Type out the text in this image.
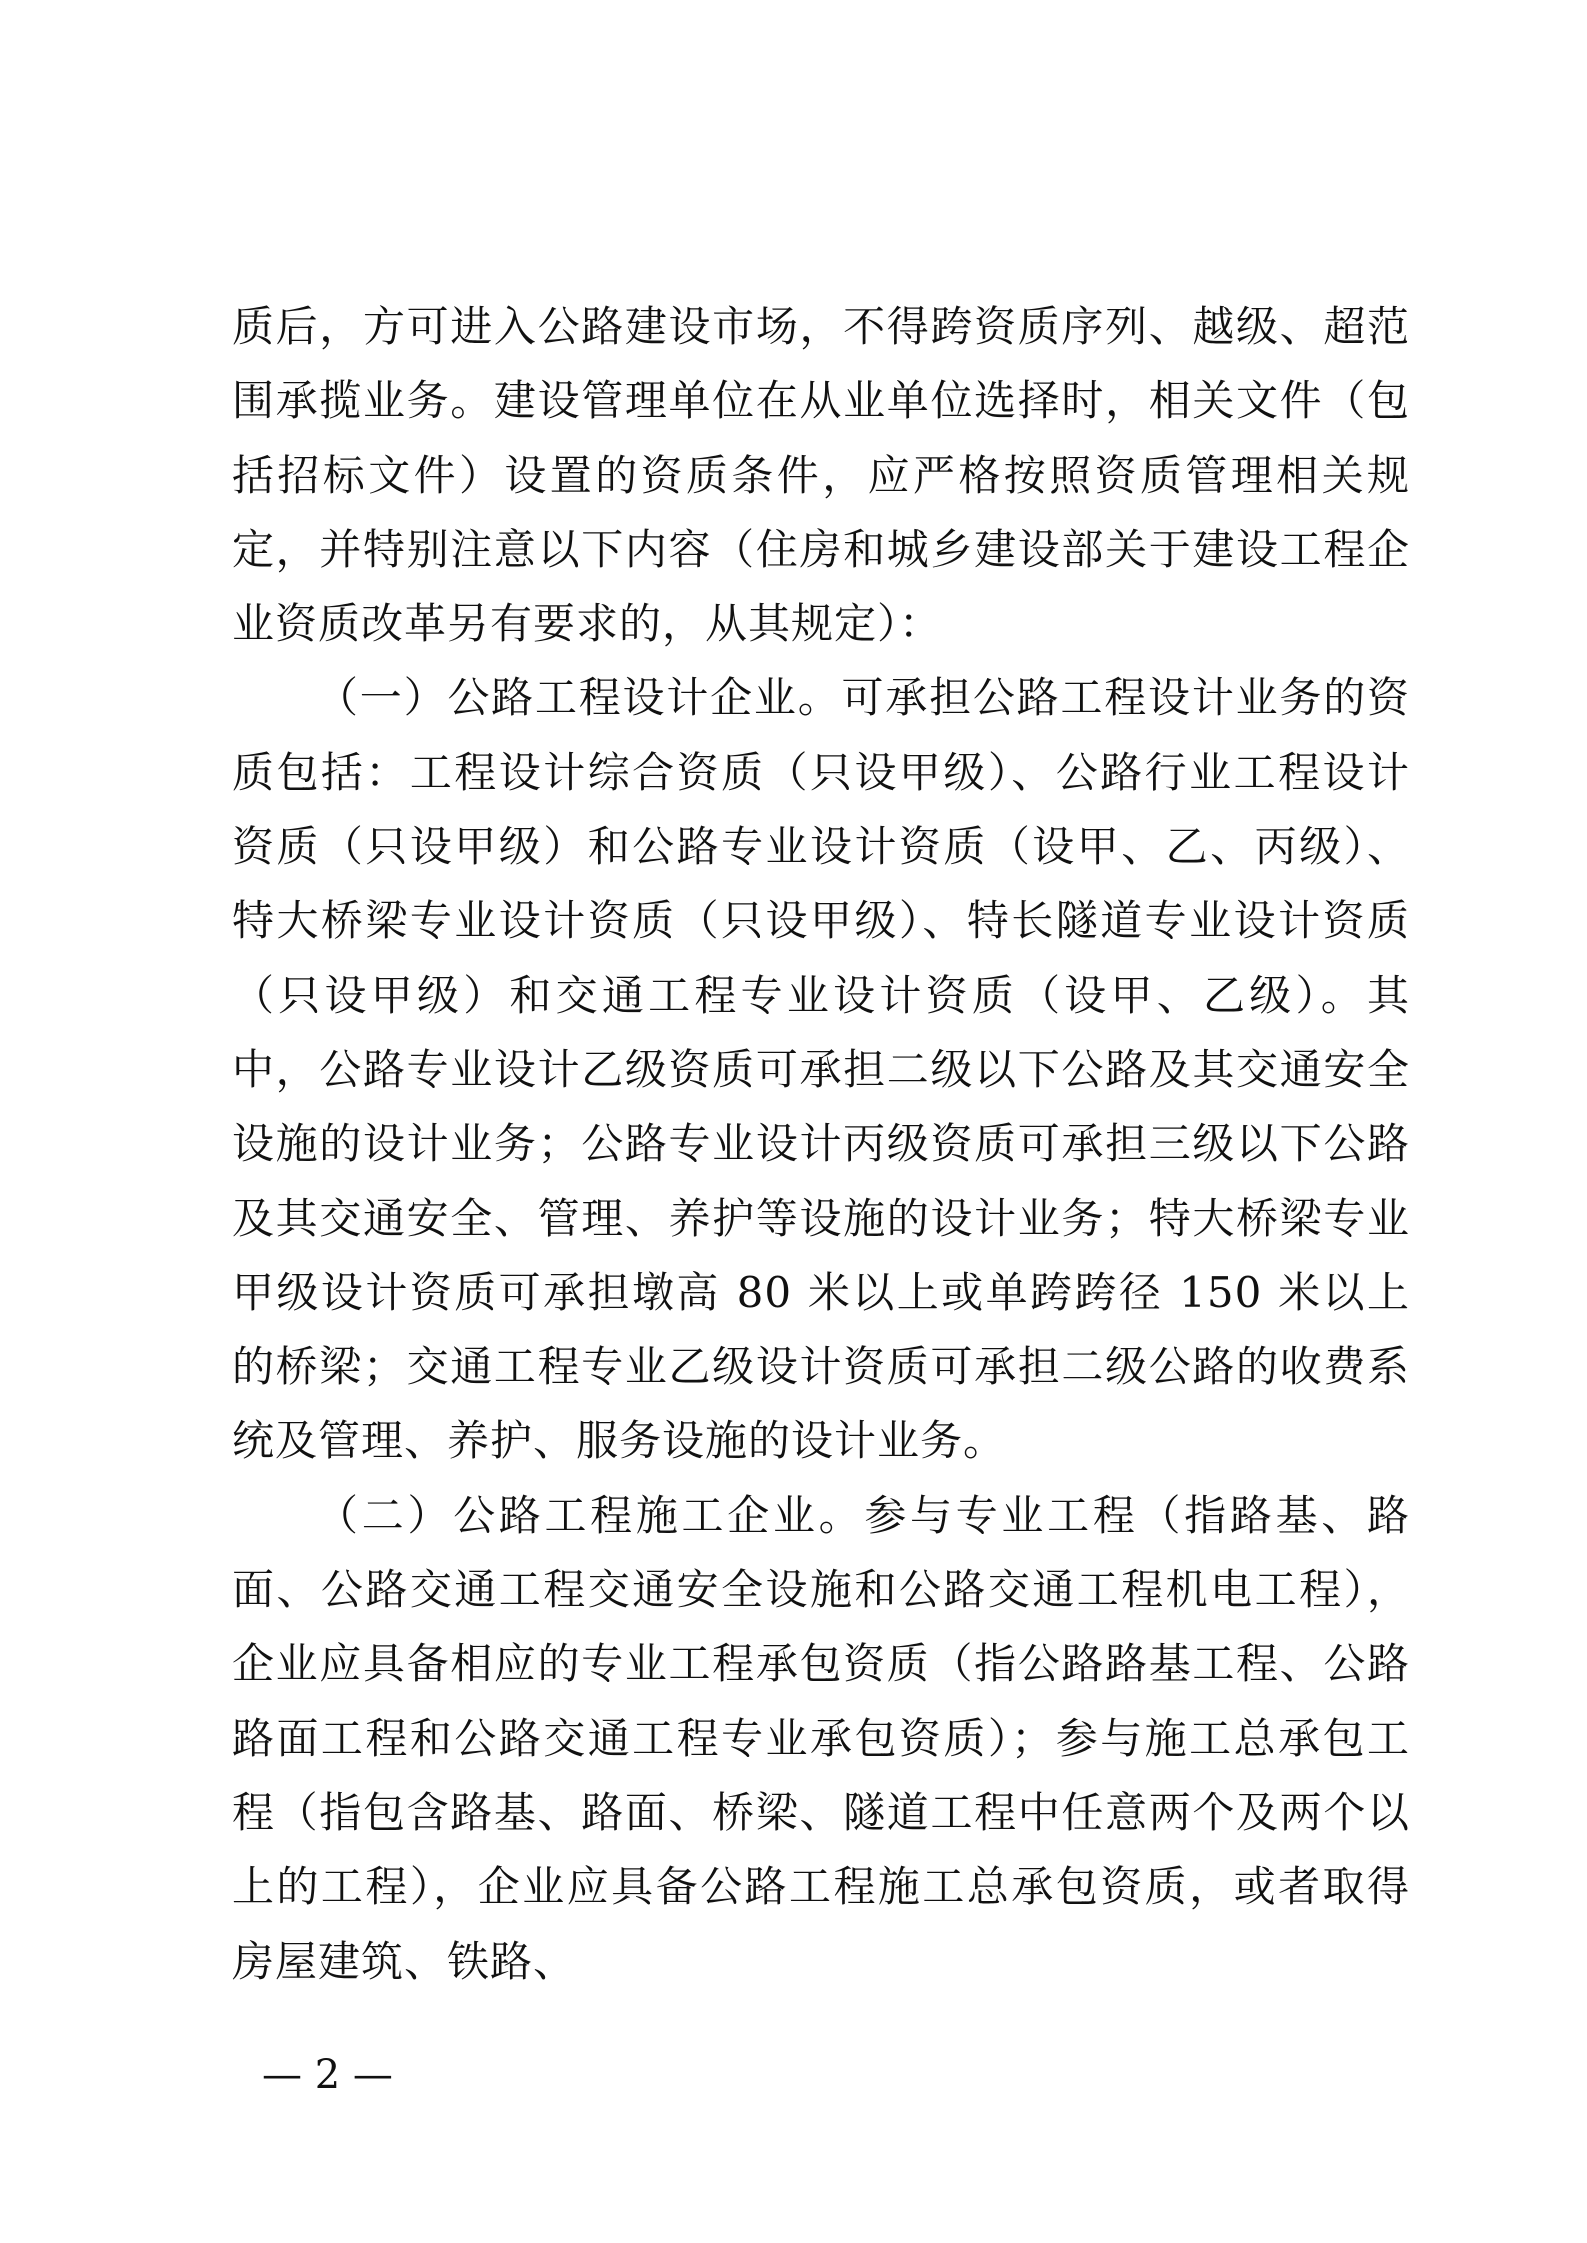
质后，方可进入公路建设市场，不得跨资质序列、越级、超范围承揽业务。建设管理单位在从业单位选择时，相关文件（包括招标文件）设置的资质条件，应严格按照资质管理相关规定，并特别注意以下内容（住房和城乡建设部关于建设工程企业资质改革另有要求的，从其规定）：

（一）公路工程设计企业。可承担公路工程设计业务的资质包括：工程设计综合资质（只设甲级）、公路行业工程设计资质（只设甲级）和公路专业设计资质（设甲、乙、丙级）、特大桥梁专业设计资质（只设甲级）、特长隧道专业设计资质（只设甲级）和交通工程专业设计资质（设甲、乙级）。其中，公路专业设计乙级资质可承担二级以下公路及其交通安全设施的设计业务；公路专业设计丙级资质可承担三级以下公路及其交通安全、管理、养护等设施的设计业务；特大桥梁专业甲级设计资质可承担墩高 80 米以上或单跨跨径 150 米以上的桥梁；交通工程专业乙级设计资质可承担二级公路的收费系统及管理、养护、服务设施的设计业务。

（二）公路工程施工企业。参与专业工程（指路基、路面、公路交通工程交通安全设施和公路交通工程机电工程），企业应具备相应的专业工程承包资质（指公路路基工程、公路路面工程和公路交通工程专业承包资质）；参与施工总承包工程（指包含路基、路面、桥梁、隧道工程中任意两个及两个以上的工程），企业应具备公路工程施工总承包资质，或者取得房屋建筑、铁路、

— 2 —
